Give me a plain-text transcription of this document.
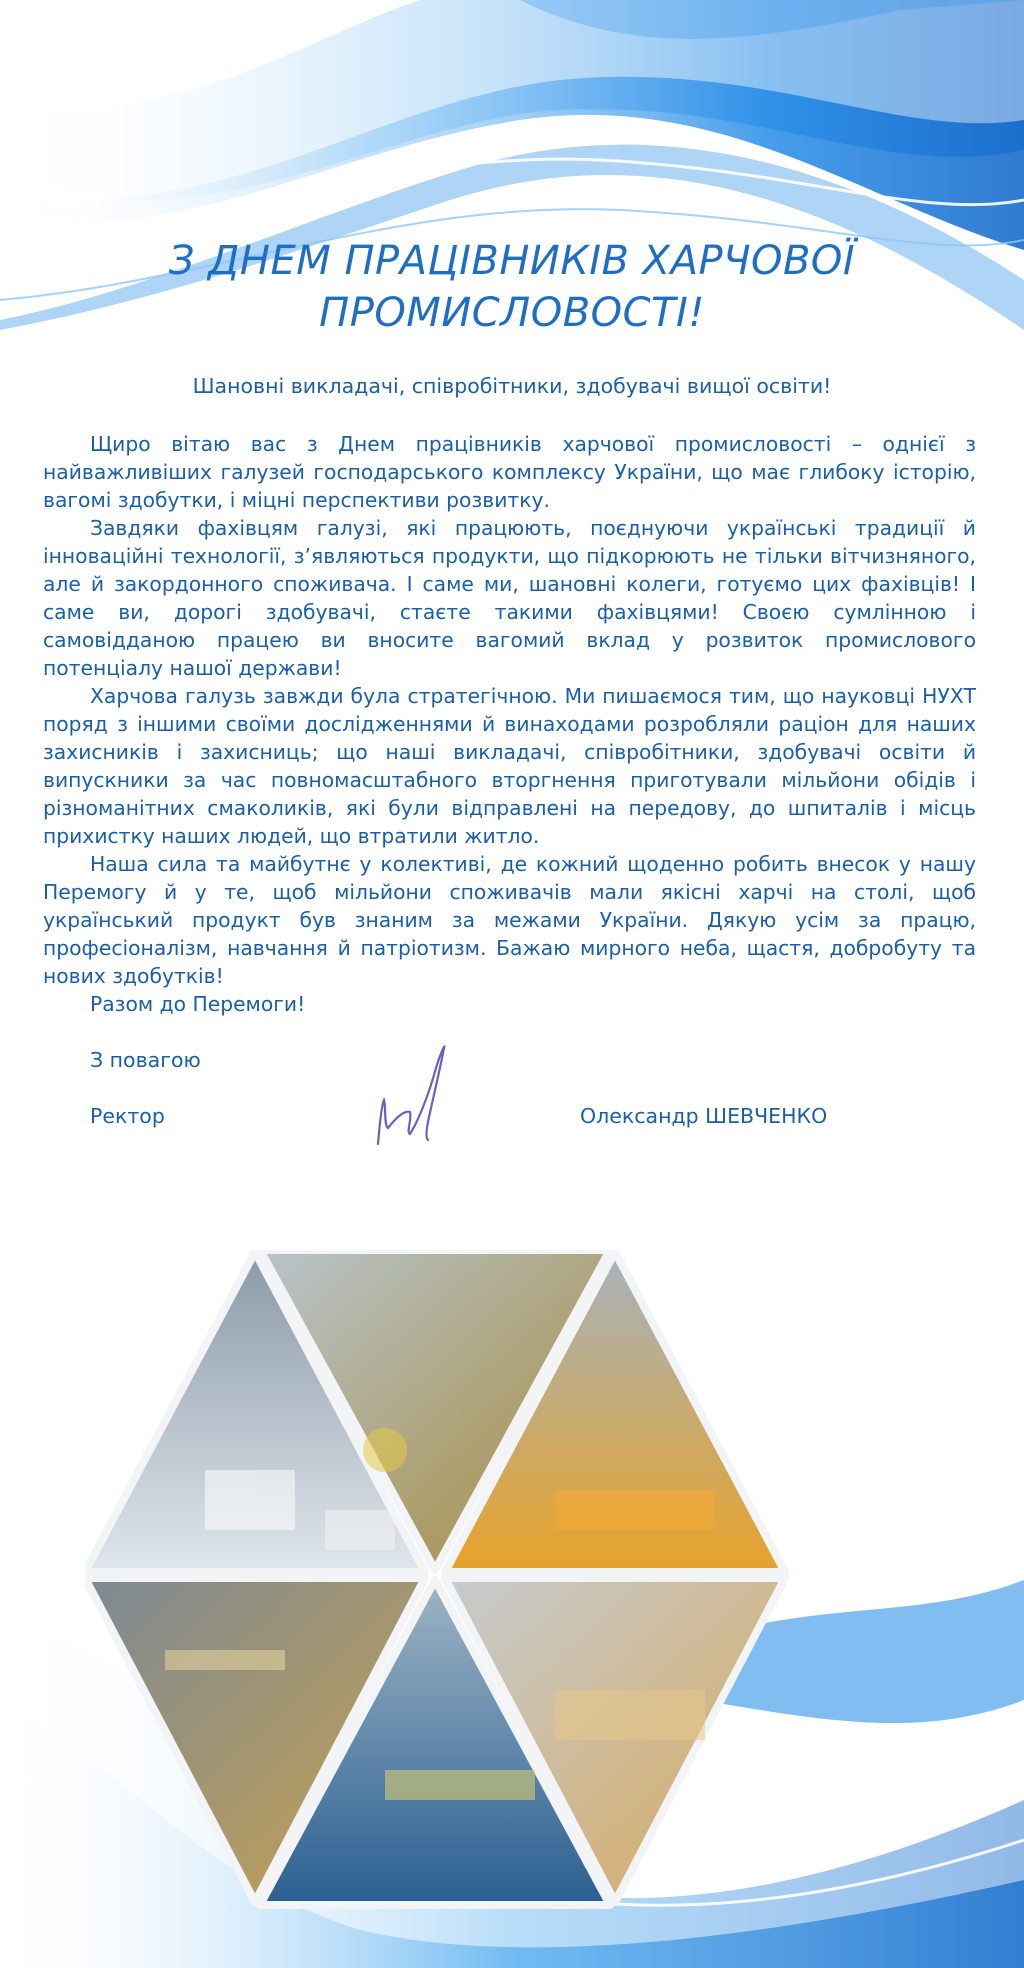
З ДНЕМ ПРАЦІВНИКІВ ХАРЧОВОЇ
ПРОМИСЛОВОСТІ!
Шановні викладачі, співробітники, здобувачі вищої освіти!

Щиро вітаю вас з Днем працівників харчової промисловості – однієї з найважливіших галузей господарського комплексу України, що має глибоку історію, вагомі здобутки, і міцні перспективи розвитку.

Завдяки фахівцям галузі, які працюють, поєднуючи українські традиції й інноваційні технології, з’являються продукти, що підкорюють не тільки вітчизняного, але й закордонного споживача. І саме ми, шановні колеги, готуємо цих фахівців! І саме ви, дорогі здобувачі, стаєте такими фахівцями! Своєю сумлінною і самовідданою працею ви вносите вагомий вклад у розвиток промислового потенціалу нашої держави!

Харчова галузь завжди була стратегічною. Ми пишаємося тим, що науковці НУХТ поряд з іншими своїми дослідженнями й винаходами розробляли раціон для наших захисників і захисниць; що наші викладачі, співробітники, здобувачі освіти й випускники за час повномасштабного вторгнення приготували мільйони обідів і різноманітних смаколиків, які були відправлені на передову, до шпиталів і місць прихистку наших людей, що втратили житло.

Наша сила та майбутнє у колективі, де кожний щоденно робить внесок у нашу Перемогу й у те, щоб мільйони споживачів мали якісні харчі на столі, щоб український продукт був знаним за межами України. Дякую усім за працю, професіоналізм, навчання й патріотизм. Бажаю мирного неба, щастя, добробуту та нових здобутків!

Разом до Перемоги!

З повагою
Ректор	Олександр ШЕВЧЕНКО
